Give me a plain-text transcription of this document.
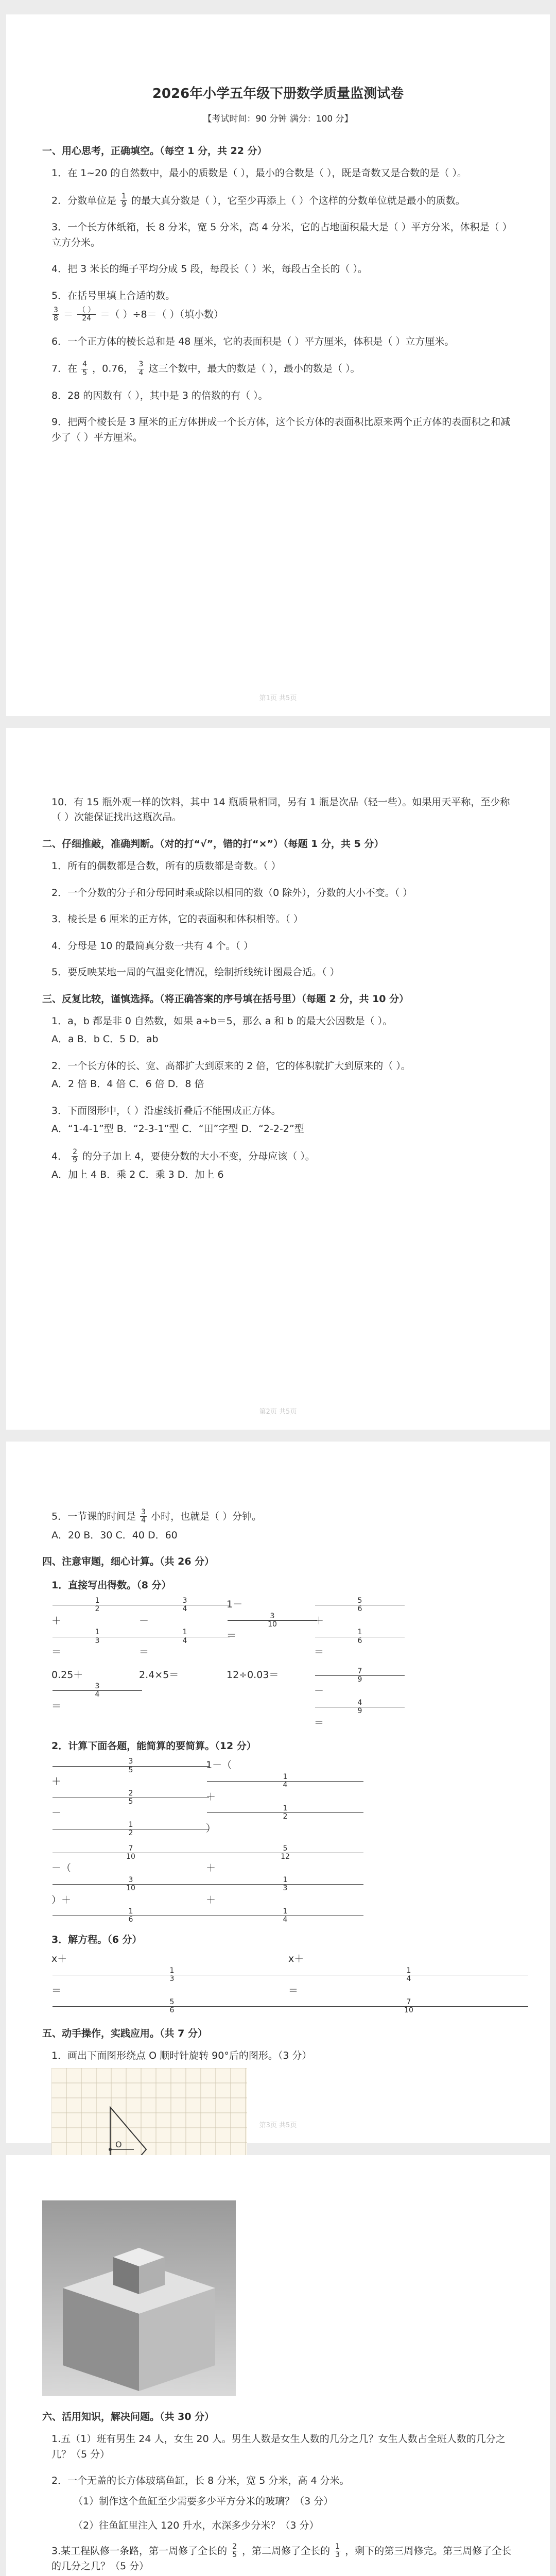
2026年小学五年级下册数学质量监测试卷
【考试时间：90 分钟 满分：100 分】
一、用心思考，正确填空。（每空 1 分，共 22 分）
1．在 1~20 的自然数中，最小的质数是（ ），最小的合数是（ ），既是奇数又是合数的是（ ）。
2．分数单位是 $\frac{1}{9}$ 的最大真分数是（ ），它至少再添上（ ）个这样的分数单位就是最小的质数。
3．一个长方体纸箱，长 8 分米，宽 5 分米，高 4 分米，它的占地面积最大是（ ）平方分米，体积是（ ）立方分米。
4．把 3 米长的绳子平均分成 5 段，每段长（ ）米，每段占全长的（ ）。
5．在括号里填上合适的数。
$\frac{3}{8} = \frac{( )}{24}$ ＝（ ）÷8＝（ ）（填小数）
6．一个正方体的棱长总和是 48 厘米，它的表面积是（ ）平方厘米，体积是（ ）立方厘米。
7．在 $\frac{4}{5}$ ，0.76， $\frac{3}{4}$ 这三个数中，最大的数是（ ），最小的数是（ ）。
8．28 的因数有（ ），其中是 3 的倍数的有（ ）。
9．把两个棱长是 3 厘米的正方体拼成一个长方体，这个长方体的表面积比原来两个正方体的表面积之和减少了（ ）平方厘米。
第1页 共5页
10．有 15 瓶外观一样的饮料，其中 14 瓶质量相同，另有 1 瓶是次品（轻一些）。如果用天平称，至少称（ ）次能保证找出这瓶次品。
二、仔细推敲，准确判断。（对的打“√”，错的打“×”）（每题 1 分，共 5 分）
1．所有的偶数都是合数，所有的质数都是奇数。（ ）
2．一个分数的分子和分母同时乘或除以相同的数（0 除外），分数的大小不变。（ ）
3．棱长是 6 厘米的正方体，它的表面积和体积相等。（ ）
4．分母是 10 的最简真分数一共有 4 个。（ ）
5．要反映某地一周的气温变化情况，绘制折线统计图最合适。（ ）
三、反复比较，谨慎选择。（将正确答案的序号填在括号里）（每题 2 分，共 10 分）
1．a，b 都是非 0 自然数，如果 a÷b＝5，那么 a 和 b 的最大公因数是（ ）。
A．a B．b C．5 D．ab
2．一个长方体的长、宽、高都扩大到原来的 2 倍，它的体积就扩大到原来的（ ）。
A．2 倍 B．4 倍 C．6 倍 D．8 倍
3．下面图形中，（ ）沿虚线折叠后不能围成正方体。
A．“1-4-1”型 B．“2-3-1”型 C．“田”字型 D．“2-2-2”型
4． $\frac{2}{9}$ 的分子加上 4，要使分数的大小不变，分母应该（ ）。
A．加上 4 B．乘 2 C．乘 3 D．加上 6
第2页 共5页
5．一节课的时间是 $\frac{3}{4}$ 小时，也就是（ ）分钟。
A．20 B．30 C．40 D．60
四、注意审题，细心计算。（共 26 分）
1．直接写出得数。（8 分）
$\frac{1}{2}$
＋
$\frac{1}{3}$
＝
$\frac{3}{4}$
－
$\frac{1}{4}$
＝
1－
$\frac{3}{10}$
＝
$\frac{5}{6}$
＋
$\frac{1}{6}$
＝
0.25＋
$\frac{3}{4}$
＝
2.4×5＝	12÷0.03＝	$\frac{7}{9}$
－
$\frac{4}{9}$
＝
2．计算下面各题，能简算的要简算。（12 分）
$\frac{3}{5}$
＋
$\frac{2}{5}$
－
$\frac{1}{2}$
1－（
$\frac{1}{4}$
＋
$\frac{1}{2}$
）
$\frac{7}{10}$
－（
$\frac{3}{10}$
）＋
$\frac{1}{6}$
$\frac{5}{12}$
＋
$\frac{1}{3}$
＋
$\frac{1}{4}$
3．解方程。（6 分）
x＋
$\frac{1}{3}$
＝
$\frac{5}{6}$
x＋
$\frac{1}{4}$
＝
$\frac{7}{10}$
五、动手操作，实践应用。（共 7 分）
1．画出下面图形绕点 O 顺时针旋转 90°后的图形。（3 分）
O
第3页 共5页
六、活用知识，解决问题。（共 30 分）
1.五（1）班有男生 24 人，女生 20 人。男生人数是女生人数的几分之几？女生人数占全班人数的几分之几？（5 分）
2．一个无盖的长方体玻璃鱼缸，长 8 分米，宽 5 分米，高 4 分米。
（1）制作这个鱼缸至少需要多少平方分米的玻璃？（3 分）
（2）往鱼缸里注入 120 升水，水深多少分米？（3 分）
3.某工程队修一条路，第一周修了全长的 $\frac{2}{5}$ ，第二周修了全长的 $\frac{1}{3}$ ，剩下的第三周修完。第三周修了全长的几分之几？（5 分）
